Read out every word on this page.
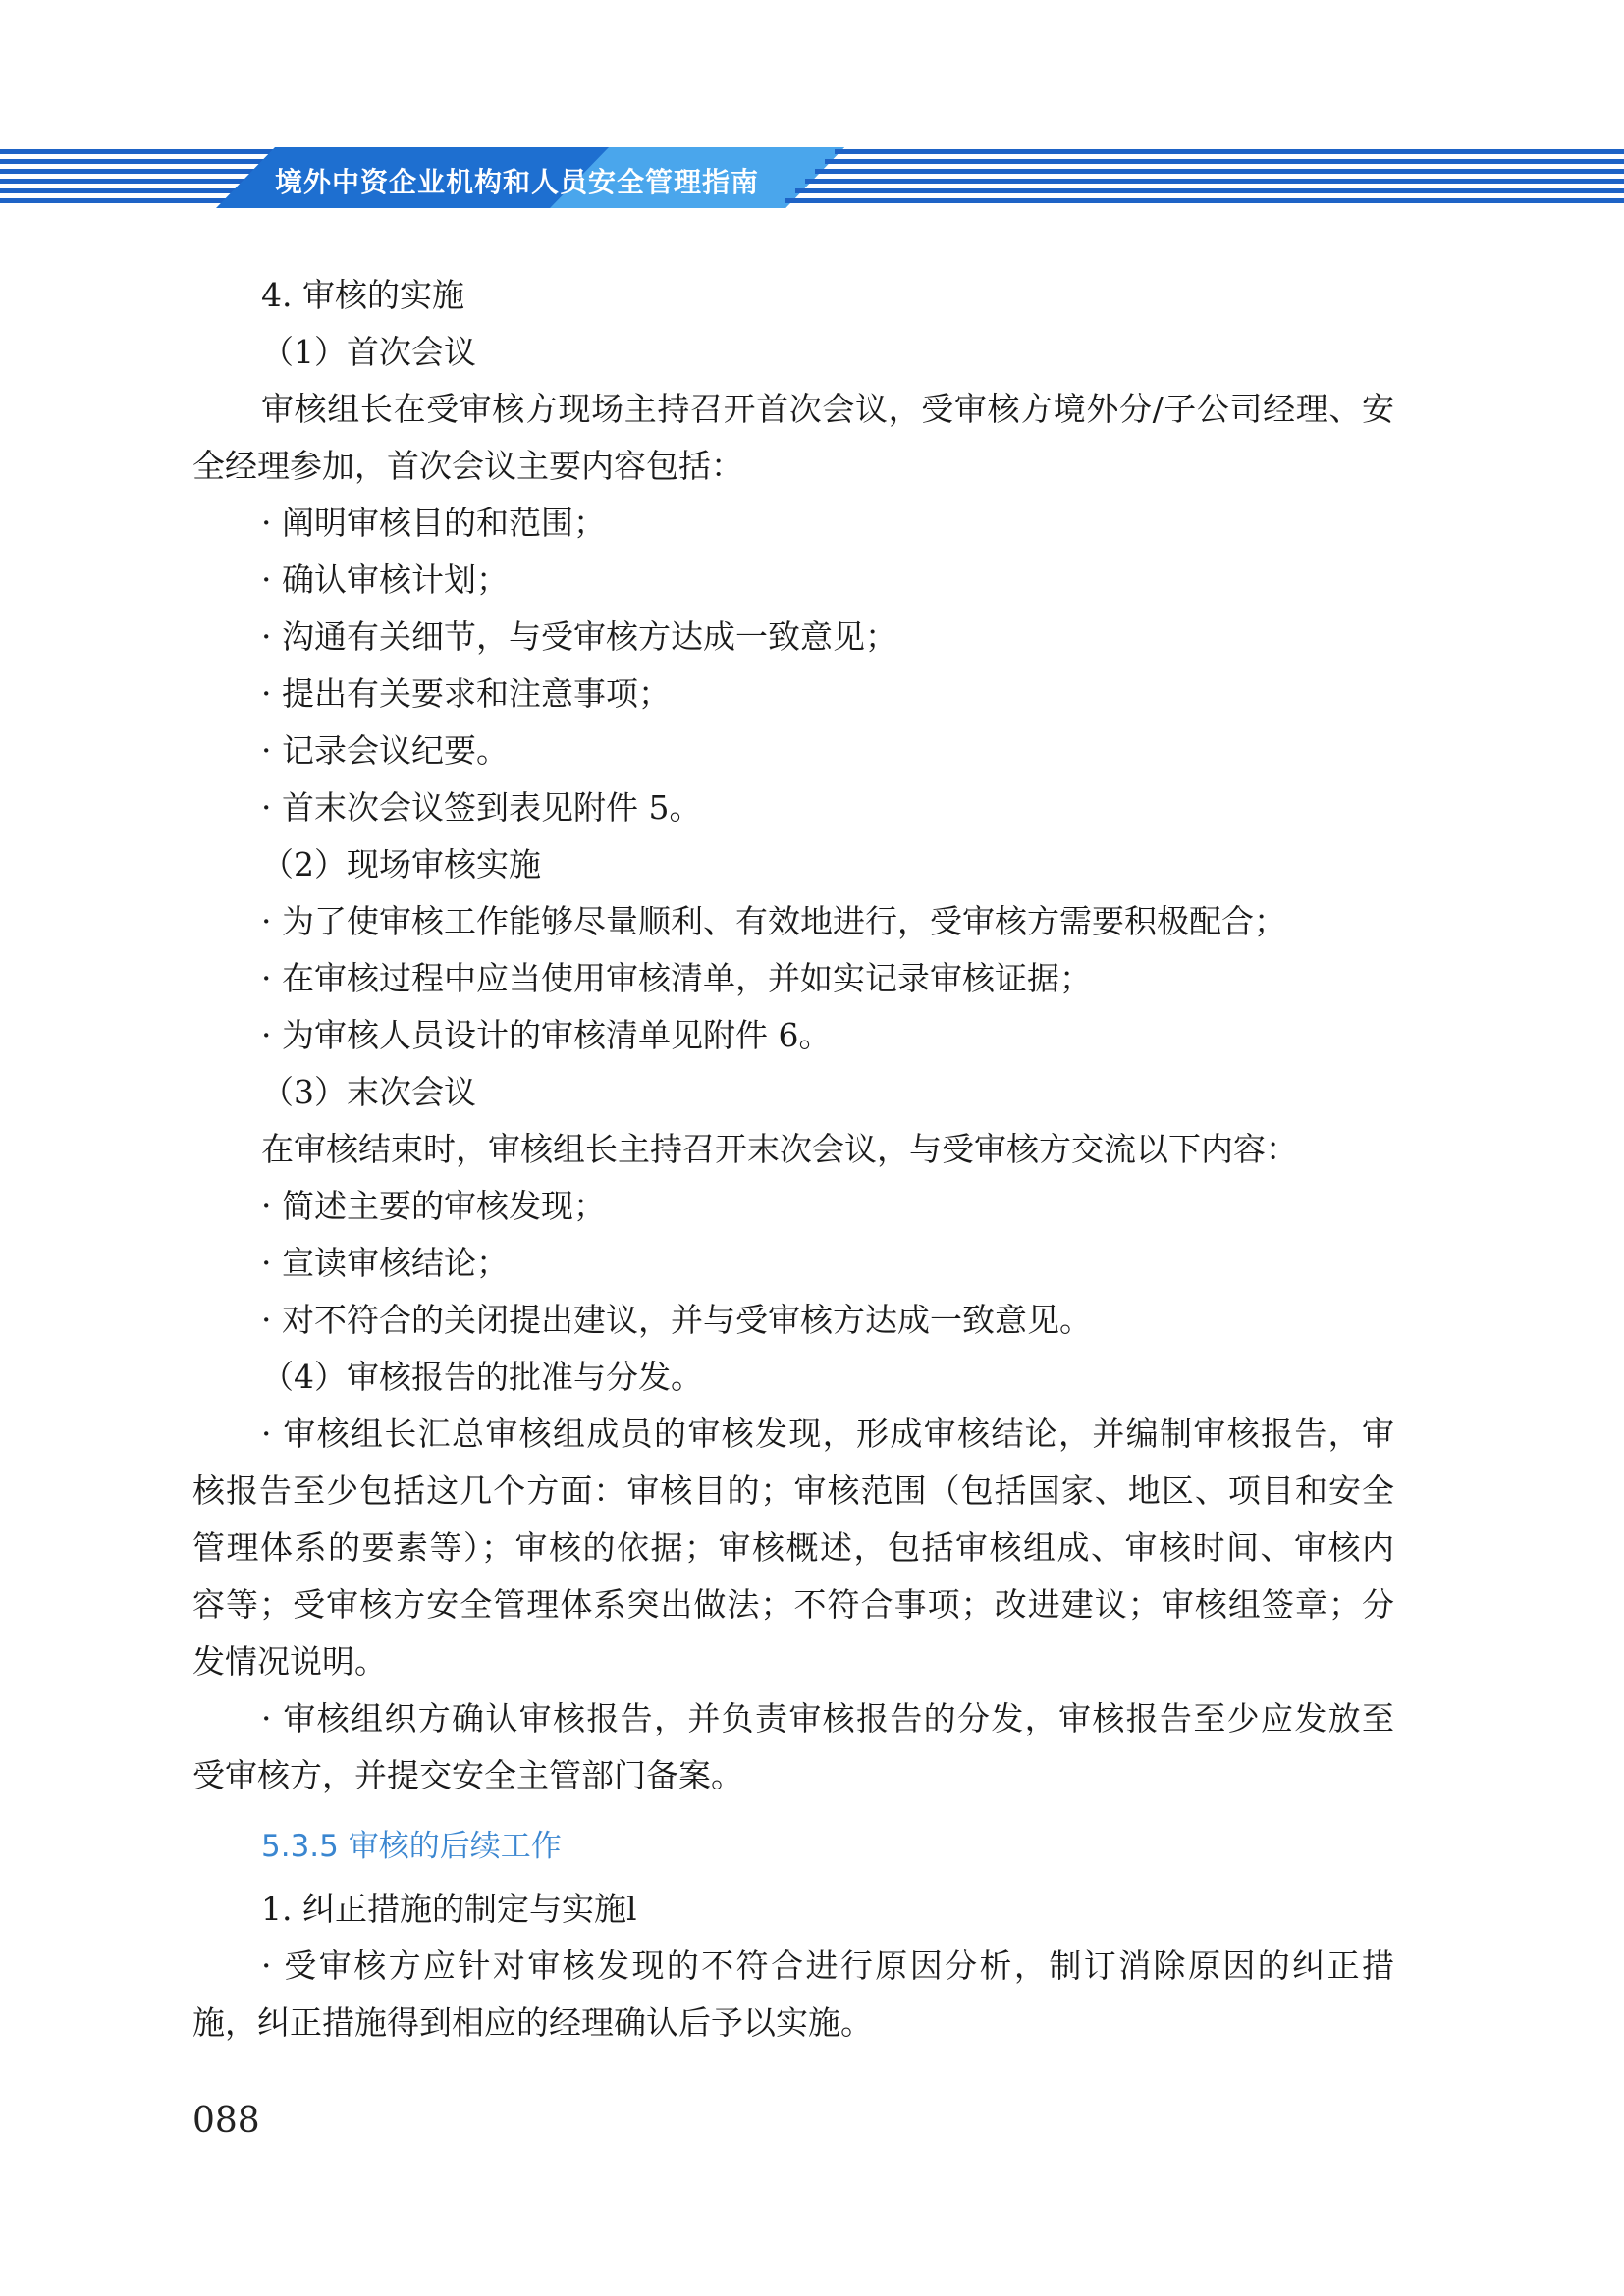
境外中资企业机构和人员安全管理指南
4. 审核的实施
（1）首次会议
审核组长在受审核方现场主持召开首次会议，受审核方境外分/子公司经理、安
全经理参加，首次会议主要内容包括：
· 阐明审核目的和范围；
· 确认审核计划；
· 沟通有关细节，与受审核方达成一致意见；
· 提出有关要求和注意事项；
· 记录会议纪要。
· 首末次会议签到表见附件 5。
（2）现场审核实施
· 为了使审核工作能够尽量顺利、有效地进行，受审核方需要积极配合；
· 在审核过程中应当使用审核清单，并如实记录审核证据；
· 为审核人员设计的审核清单见附件 6。
（3）末次会议
在审核结束时，审核组长主持召开末次会议，与受审核方交流以下内容：
· 简述主要的审核发现；
· 宣读审核结论；
· 对不符合的关闭提出建议，并与受审核方达成一致意见。
（4）审核报告的批准与分发。
· 审核组长汇总审核组成员的审核发现，形成审核结论，并编制审核报告，审
核报告至少包括这几个方面：审核目的；审核范围（包括国家、地区、项目和安全
管理体系的要素等）；审核的依据；审核概述，包括审核组成、审核时间、审核内
容等；受审核方安全管理体系突出做法；不符合事项；改进建议；审核组签章；分
发情况说明。
· 审核组织方确认审核报告，并负责审核报告的分发，审核报告至少应发放至
受审核方，并提交安全主管部门备案。
5.3.5 审核的后续工作
1. 纠正措施的制定与实施l
· 受审核方应针对审核发现的不符合进行原因分析，制订消除原因的纠正措
施，纠正措施得到相应的经理确认后予以实施。
088
